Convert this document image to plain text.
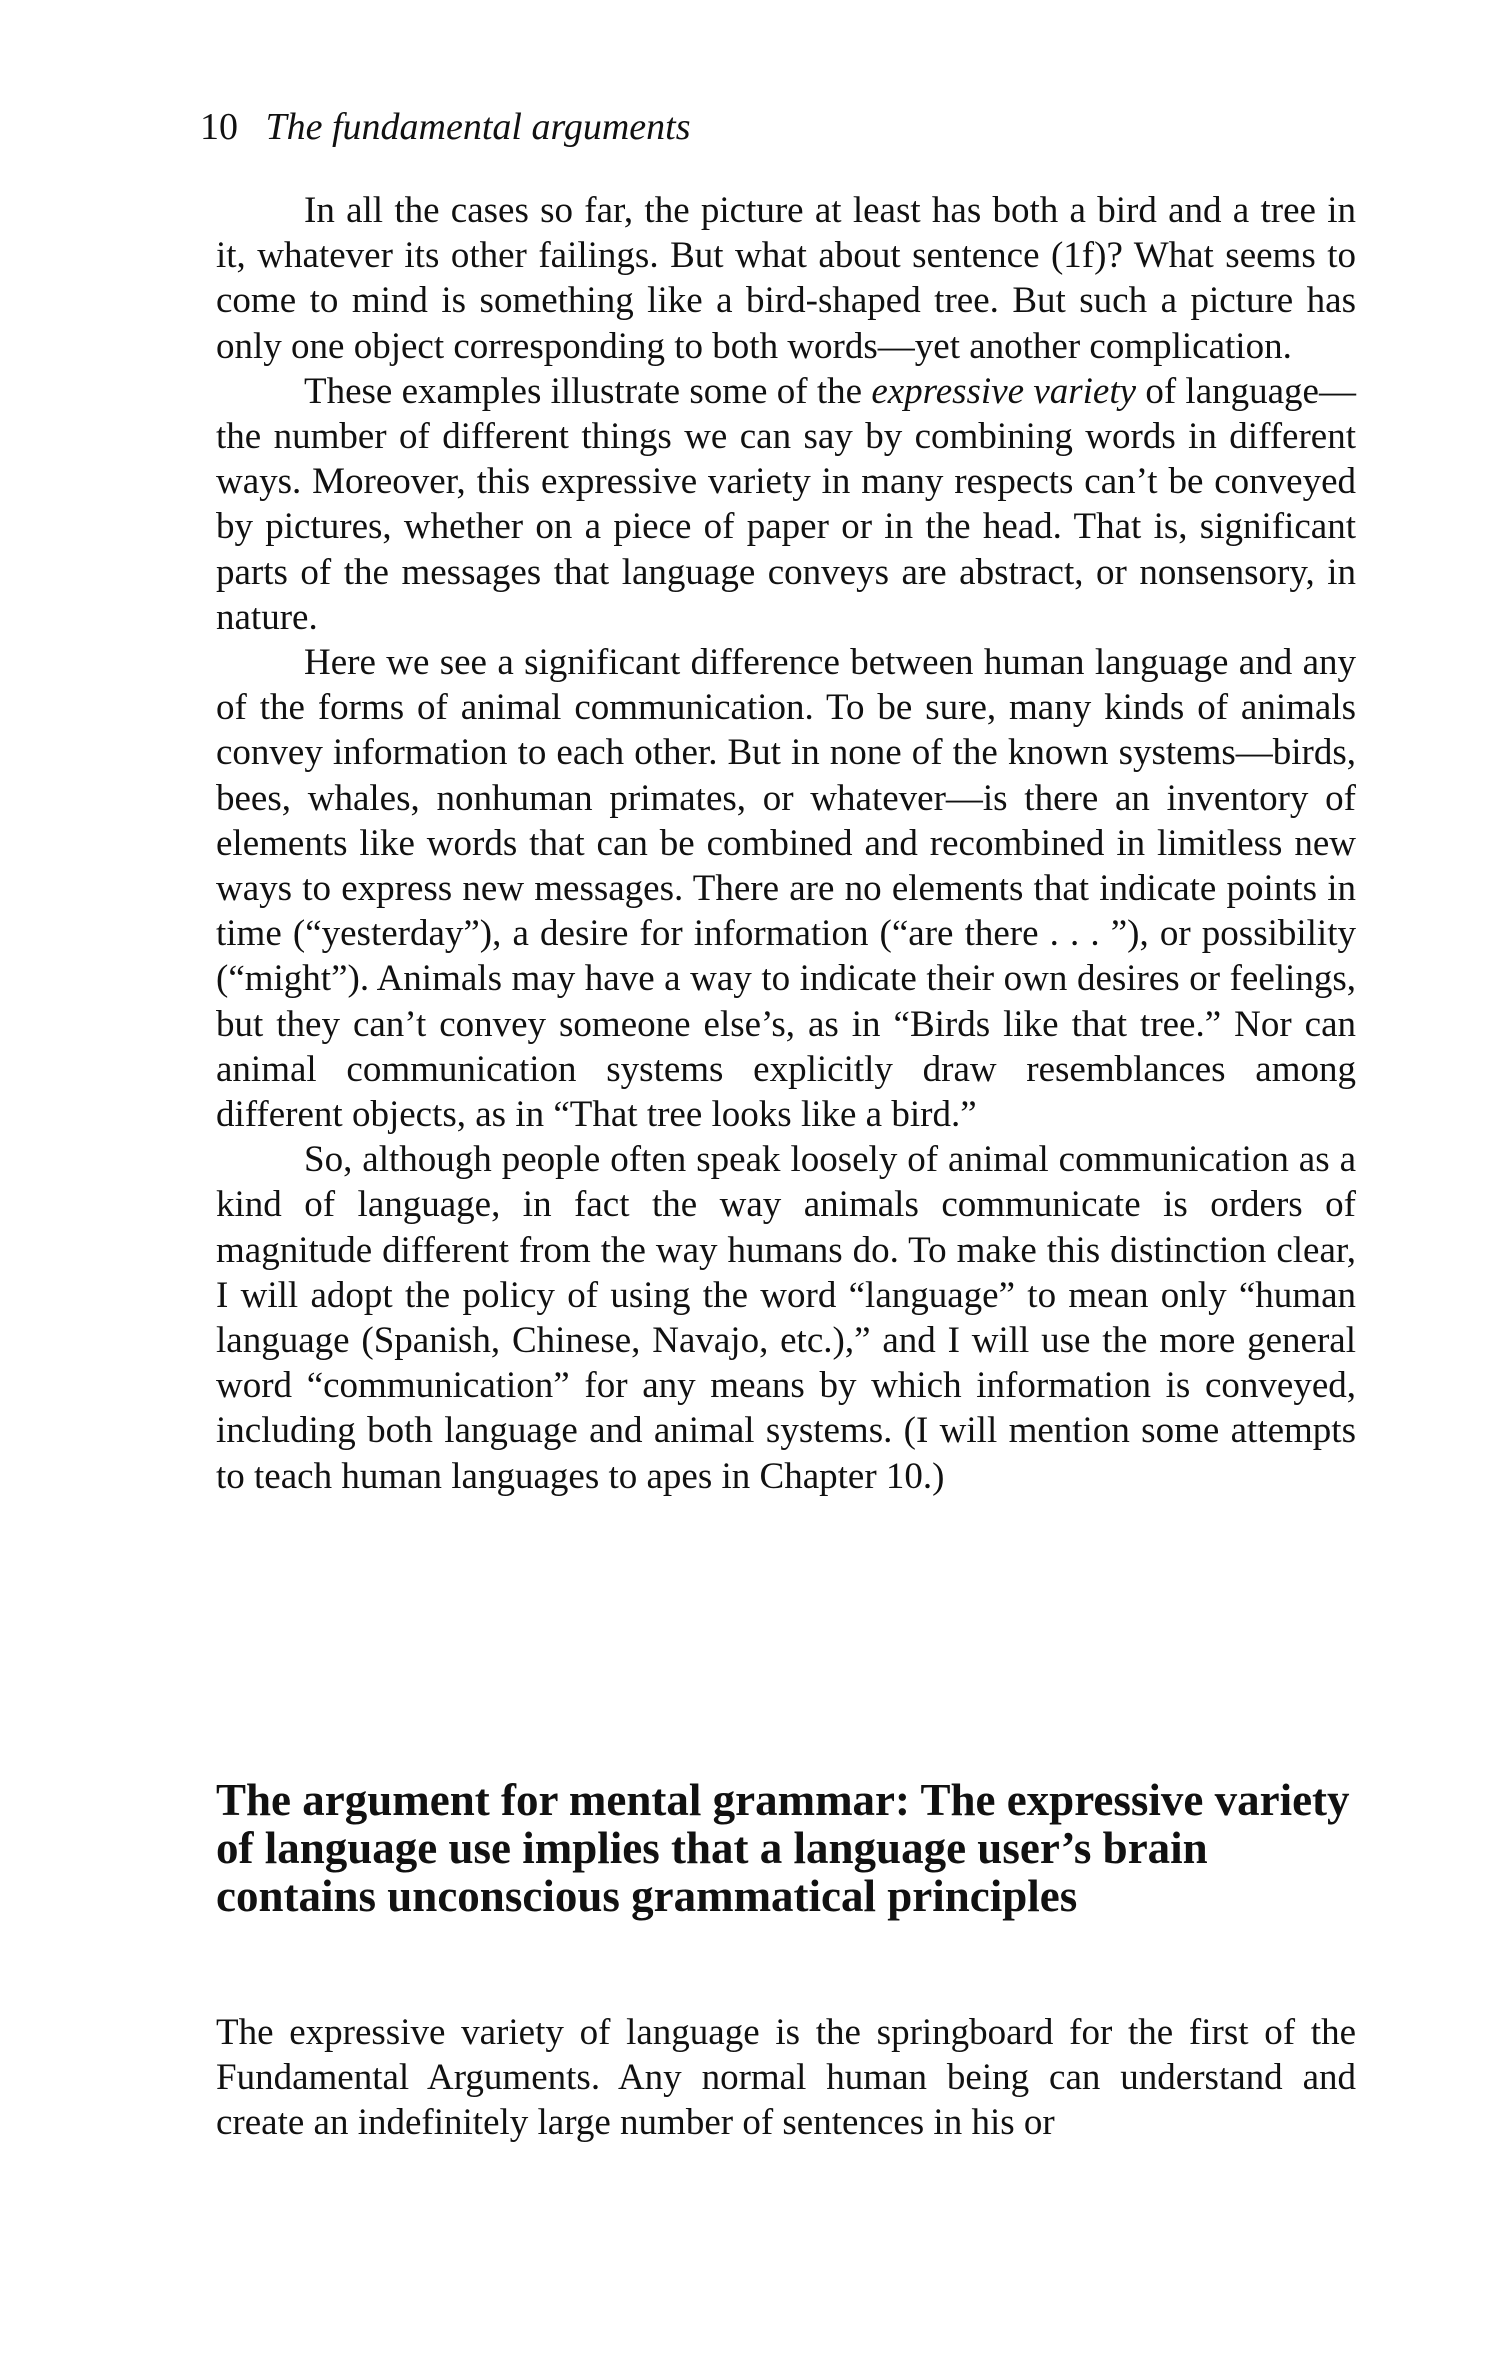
10 The fundamental arguments

In all the cases so far, the picture at least has both a bird and a tree in it, whatever its other failings. But what about sentence (1f)? What seems to come to mind is something like a bird-shaped tree. But such a picture has only one object corresponding to both words—yet another complication.

These examples illustrate some of the expressive variety of language—the number of different things we can say by combining words in different ways. Moreover, this expressive variety in many respects can’t be conveyed by pictures, whether on a piece of paper or in the head. That is, significant parts of the messages that language conveys are abstract, or nonsensory, in nature.

Here we see a significant difference between human language and any of the forms of animal communication. To be sure, many kinds of animals convey information to each other. But in none of the known systems—birds, bees, whales, nonhuman primates, or whatever—is there an inventory of elements like words that can be combined and recombined in limitless new ways to express new messages. There are no elements that indicate points in time (“yesterday”), a desire for information (“are there . . . ”), or possibility (“might”). Animals may have a way to indicate their own desires or feelings, but they can’t convey someone else’s, as in “Birds like that tree.” Nor can animal communication systems explicitly draw resemblances among different objects, as in “That tree looks like a bird.”

So, although people often speak loosely of animal communication as a kind of language, in fact the way animals communicate is orders of magnitude different from the way humans do. To make this distinction clear, I will adopt the policy of using the word “language” to mean only “human language (Spanish, Chinese, Navajo, etc.),” and I will use the more general word “communication” for any means by which information is conveyed, including both language and animal systems. (I will mention some attempts to teach human languages to apes in Chapter 10.)

The argument for mental grammar: The expressive variety of language use implies that a language user’s brain contains unconscious grammatical principles

The expressive variety of language is the springboard for the first of the Fundamental Arguments. Any normal human being can understand and create an indefinitely large number of sentences in his or
